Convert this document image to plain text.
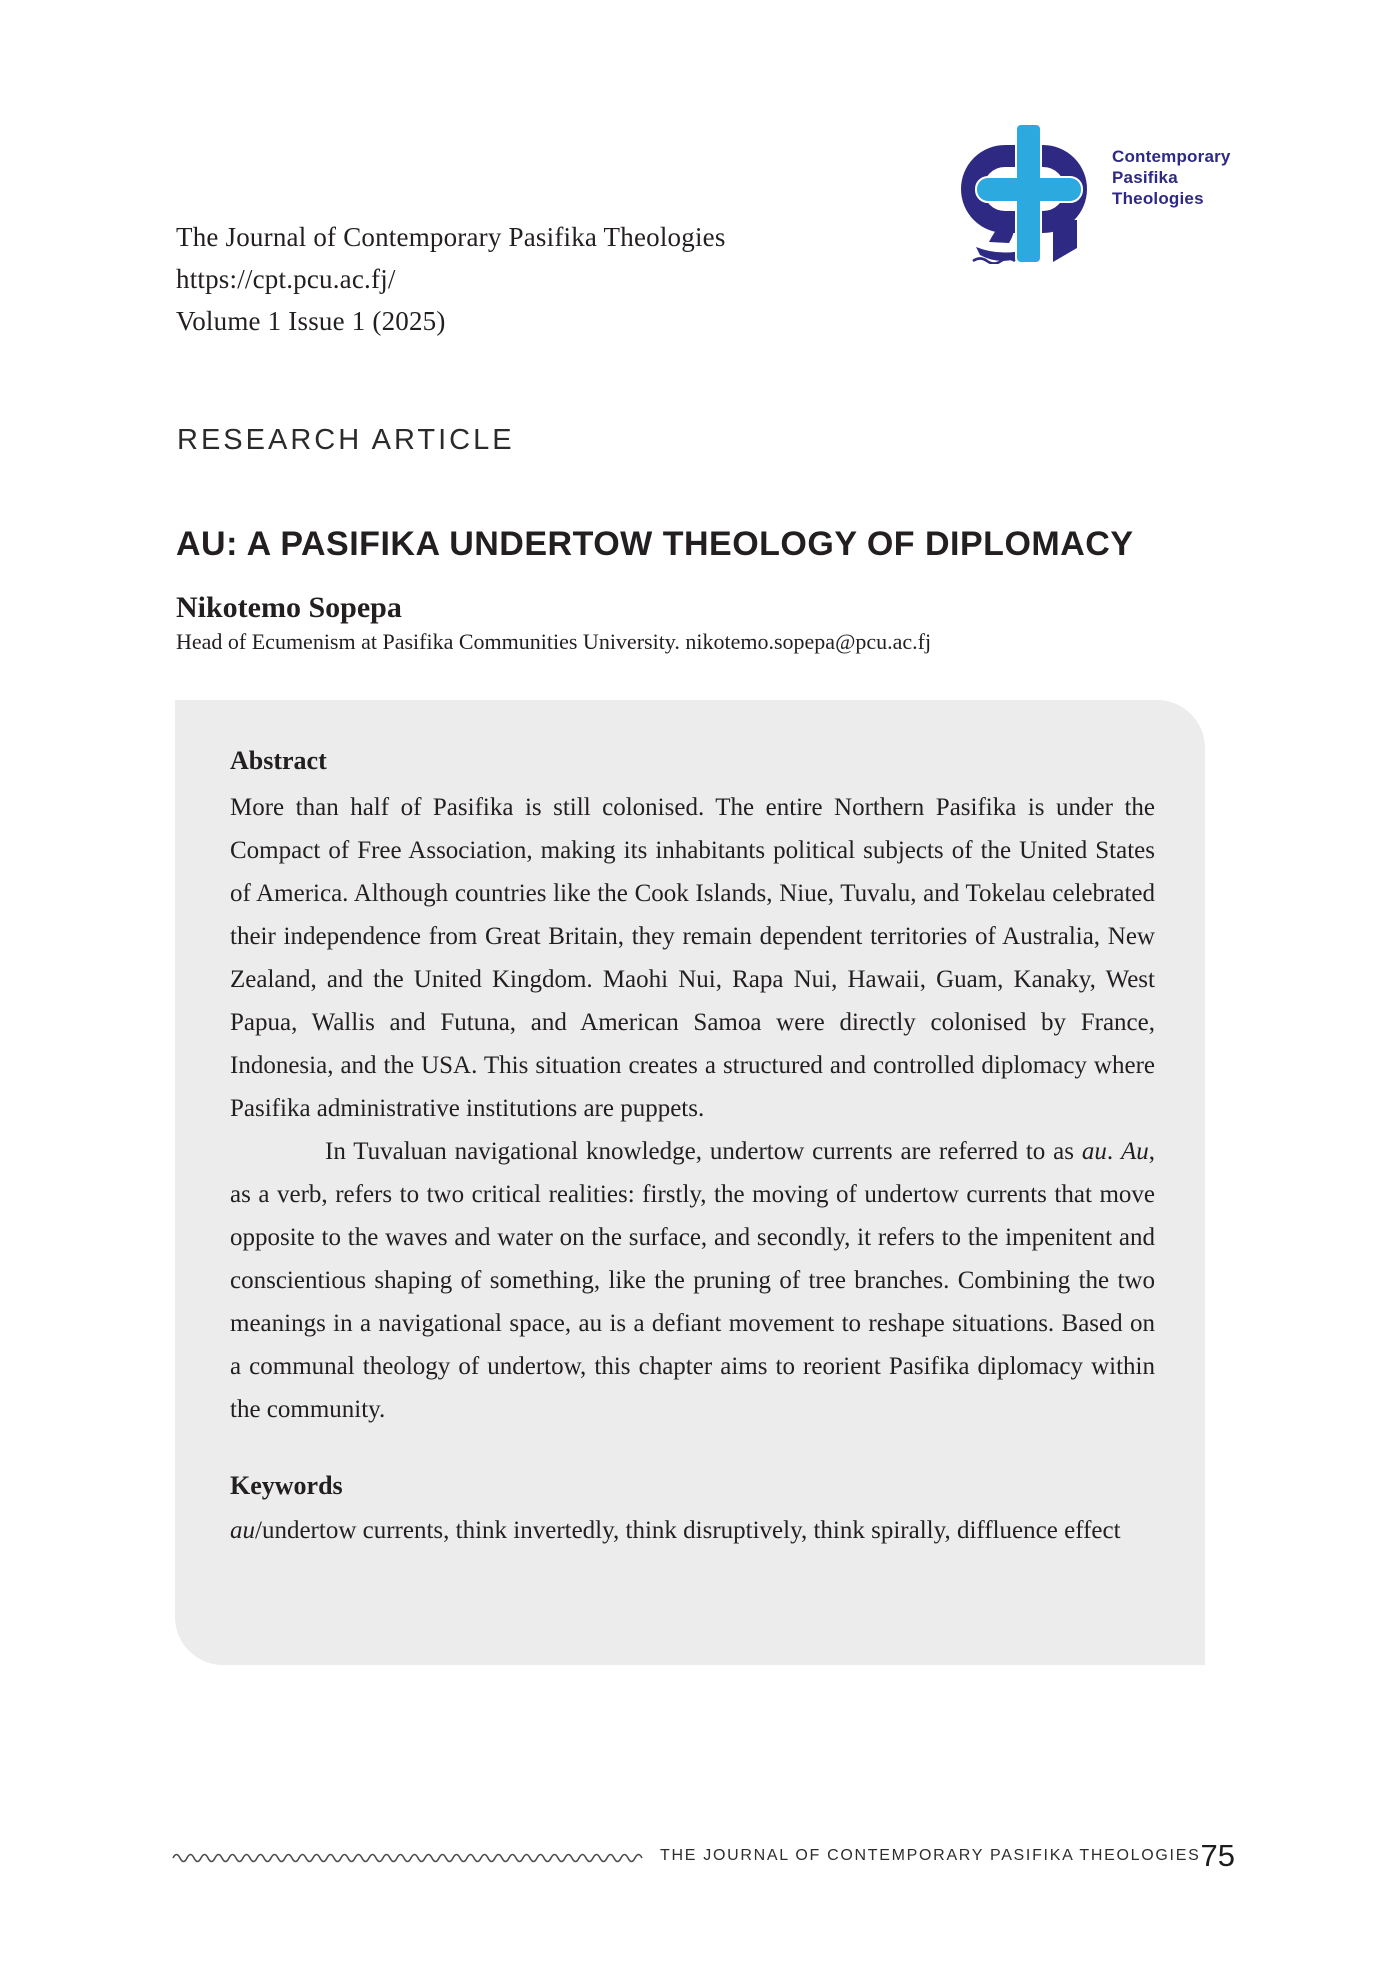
The Journal of Contemporary Pasifika Theologies
https://cpt.pcu.ac.fj/
Volume 1 Issue 1 (2025)
Contemporary
Pasifika
Theologies
RESEARCH ARTICLE
AU: A PASIFIKA UNDERTOW THEOLOGY OF DIPLOMACY
Nikotemo Sopepa
Head of Ecumenism at Pasifika Communities University. nikotemo.sopepa@pcu.ac.fj
Abstract

More than half of Pasifika is still colonised. The entire Northern Pasifika is under the Compact of Free Association, making its inhabitants political subjects of the United States of America. Although countries like the Cook Islands, Niue, Tuvalu, and Tokelau celebrated their independence from Great Britain, they remain dependent territories of Australia, New Zealand, and the United Kingdom. Maohi Nui, Rapa Nui, Hawaii, Guam, Kanaky, West Papua, Wallis and Futuna, and American Samoa were directly colonised by France, Indonesia, and the USA. This situation creates a structured and controlled diplomacy where Pasifika administrative institutions are puppets.

In Tuvaluan navigational knowledge, undertow currents are referred to as au. Au, as a verb, refers to two critical realities: firstly, the moving of undertow currents that move opposite to the waves and water on the surface, and secondly, it refers to the impenitent and conscientious shaping of something, like the pruning of tree branches. Combining the two meanings in a navigational space, au is a defiant movement to reshape situations. Based on a communal theology of undertow, this chapter aims to reorient Pasifika diplomacy within the community.

Keywords

au/undertow currents, think invertedly, think disruptively, think spirally, diffluence effect

THE JOURNAL OF CONTEMPORARY PASIFIKA THEOLOGIES 75
